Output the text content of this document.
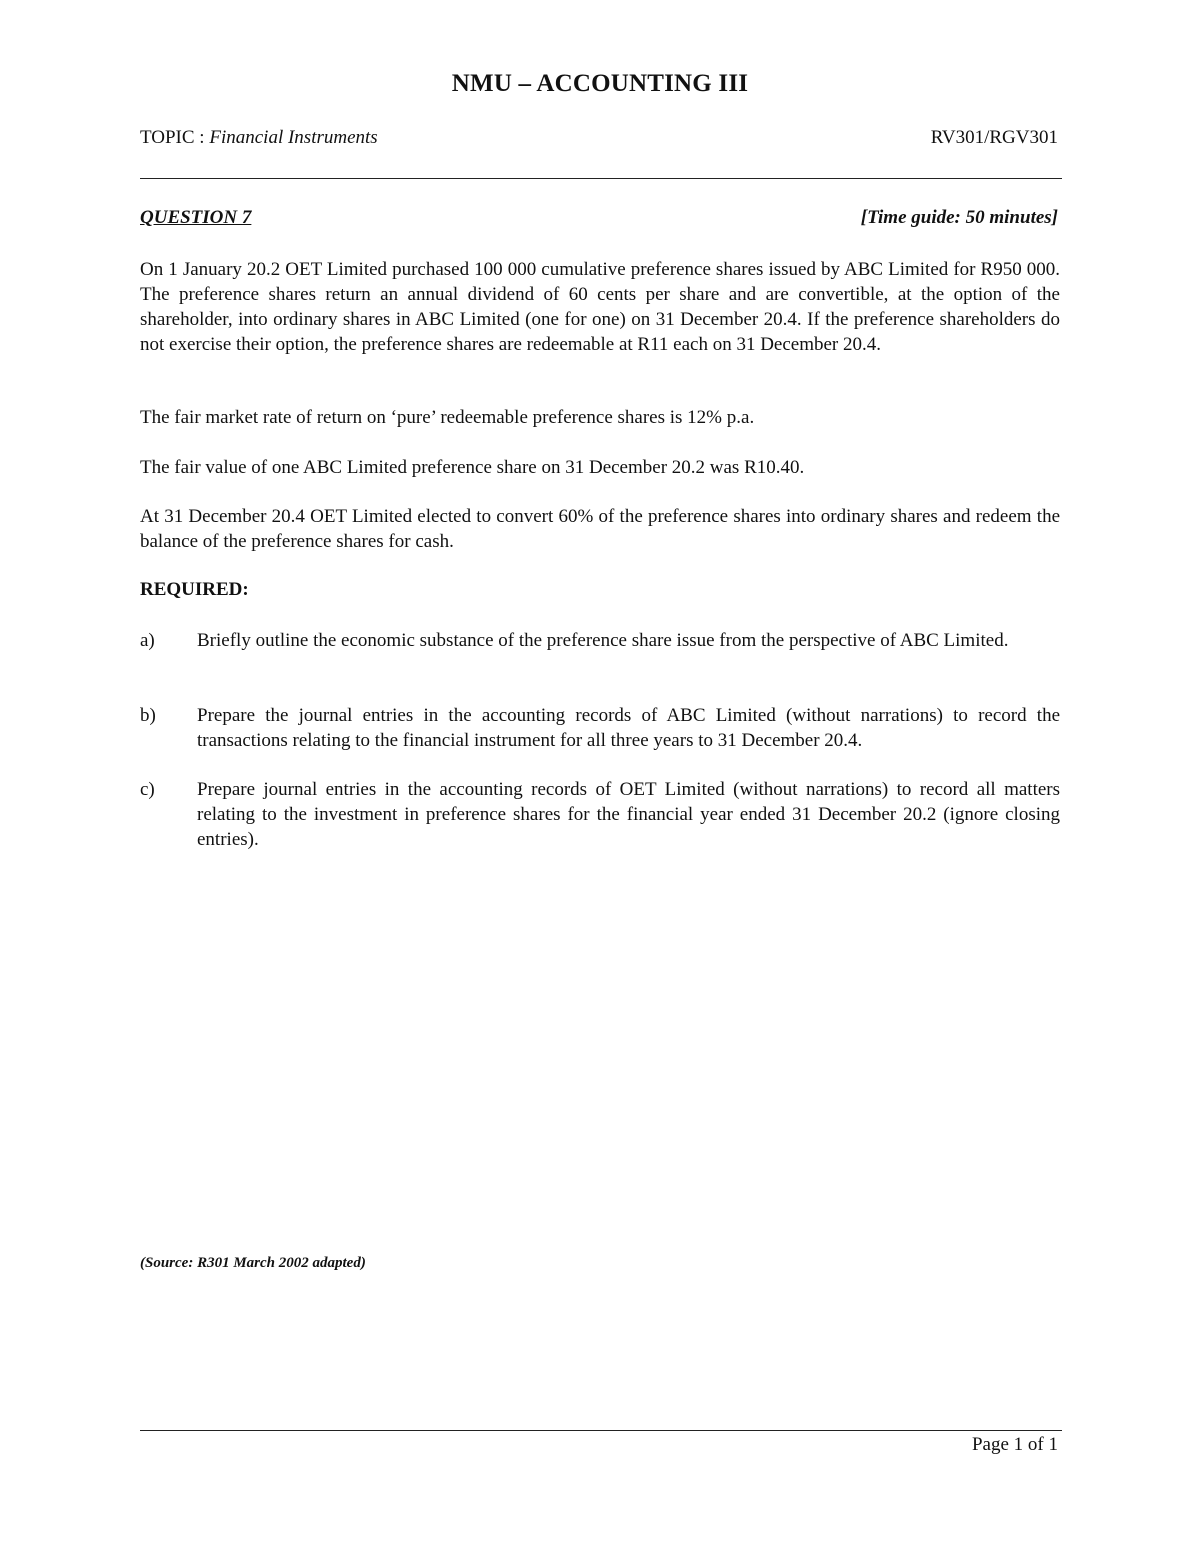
NMU – ACCOUNTING III
TOPIC : Financial Instruments	RV301/RGV301
QUESTION 7	[Time guide: 50 minutes]

On 1 January 20.2 OET Limited purchased 100 000 cumulative preference shares issued by ABC Limited for R950 000. The preference shares return an annual dividend of 60 cents per share and are convertible, at the option of the shareholder, into ordinary shares in ABC Limited (one for one) on 31 December 20.4. If the preference shareholders do not exercise their option, the preference shares are redeemable at R11 each on 31 December 20.4.

The fair market rate of return on ‘pure’ redeemable preference shares is 12% p.a.

The fair value of one ABC Limited preference share on 31 December 20.2 was R10.40.

At 31 December 20.4 OET Limited elected to convert 60% of the preference shares into ordinary shares and redeem the balance of the preference shares for cash.

REQUIRED:
a)	Briefly outline the economic substance of the preference share issue from the perspective of ABC Limited.
b)	Prepare the journal entries in the accounting records of ABC Limited (without narrations) to record the transactions relating to the financial instrument for all three years to 31 December 20.4.
c)	Prepare journal entries in the accounting records of OET Limited (without narrations) to record all matters relating to the investment in preference shares for the financial year ended 31 December 20.2 (ignore closing entries).
(Source: R301 March 2002 adapted)
Page 1 of 1
